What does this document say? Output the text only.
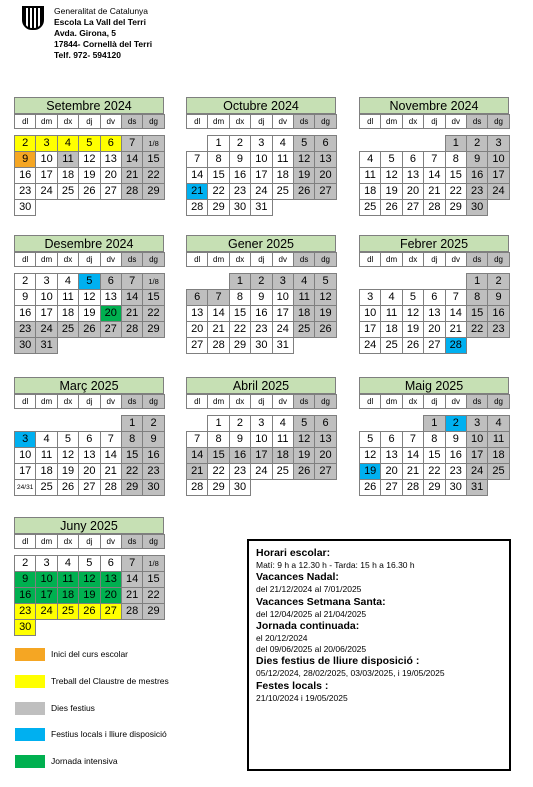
Generalitat de Catalunya
Escola La Vall del Terri
Avda. Girona, 5
17844- Cornellà del Terri
Telf. 972- 594120
Setembre 2024
dl	dm	dx	dj	dv	ds	dg

2	3	4	5	6	7	1/8
9	10	11	12	13	14	15
16	17	18	19	20	21	22
23	24	25	26	27	28	29
30						
Octubre 2024
dl	dm	dx	dj	dv	ds	dg

	1	2	3	4	5	6
7	8	9	10	11	12	13
14	15	16	17	18	19	20
21	22	23	24	25	26	27
28	29	30	31			
Novembre 2024
dl	dm	dx	dj	dv	ds	dg

				1	2	3
4	5	6	7	8	9	10
11	12	13	14	15	16	17
18	19	20	21	22	23	24
25	26	27	28	29	30	
Desembre 2024
dl	dm	dx	dj	dv	ds	dg

2	3	4	5	6	7	1/8
9	10	11	12	13	14	15
16	17	18	19	20	21	22
23	24	25	26	27	28	29
30	31					
Gener 2025
dl	dm	dx	dj	dv	ds	dg

		1	2	3	4	5
6	7	8	9	10	11	12
13	14	15	16	17	18	19
20	21	22	23	24	25	26
27	28	29	30	31		
Febrer 2025
dl	dm	dx	dj	dv	ds	dg

					1	2
3	4	5	6	7	8	9
10	11	12	13	14	15	16
17	18	19	20	21	22	23
24	25	26	27	28		
Març 2025
dl	dm	dx	dj	dv	ds	dg

					1	2
3	4	5	6	7	8	9
10	11	12	13	14	15	16
17	18	19	20	21	22	23
24/31	25	26	27	28	29	30
Abril 2025
dl	dm	dx	dj	dv	ds	dg

	1	2	3	4	5	6
7	8	9	10	11	12	13
14	15	16	17	18	19	20
21	22	23	24	25	26	27
28	29	30				
Maig 2025
dl	dm	dx	dj	dv	ds	dg

			1	2	3	4
5	6	7	8	9	10	11
12	13	14	15	16	17	18
19	20	21	22	23	24	25
26	27	28	29	30	31	
Juny 2025
dl	dm	dx	dj	dv	ds	dg

2	3	4	5	6	7	1/8
9	10	11	12	13	14	15
16	17	18	19	20	21	22
23	24	25	26	27	28	29
30						
Inici del curs escolar
Treball del Claustre de mestres
Dies festius
Festius locals i lliure disposició
Jornada intensiva
Horari escolar:
Matí: 9 h a 12.30 h - Tarda: 15 h a 16.30 h
Vacances Nadal:
del 21/12/2024 al 7/01/2025
Vacances Setmana Santa:
del 12/04/2025 al 21/04/2025
Jornada continuada:
el 20/12/2024
del 09/06/2025 al 20/06/2025
Dies festius de lliure disposició :
05/12/2024, 28/02/2025, 03/03/2025, i 19/05/2025
Festes locals :
21/10/2024 i 19/05/2025
